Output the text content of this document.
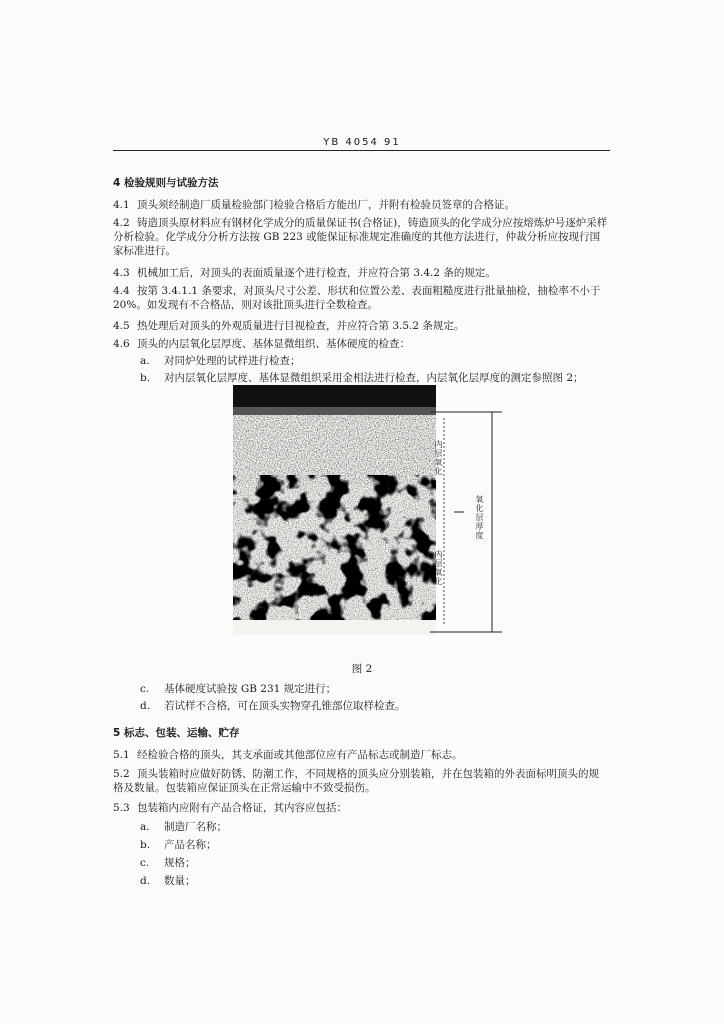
YB 4054 91
4 检验规则与试验方法
4.1 顶头须经制造厂质量检验部门检验合格后方能出厂，并附有检验员签章的合格证。
4.2 铸造顶头原材料应有钢材化学成分的质量保证书(合格证)，铸造顶头的化学成分应按熔炼炉号逐炉采样分析检验。化学成分分析方法按 GB 223 或能保证标准规定准确度的其他方法进行，仲裁分析应按现行国家标准进行。
4.3 机械加工后，对顶头的表面质量逐个进行检查，并应符合第 3.4.2 条的规定。
4.4 按第 3.4.1.1 条要求，对顶头尺寸公差、形状和位置公差、表面粗糙度进行批量抽检，抽检率不小于 20%。如发现有不合格品，则对该批顶头进行全数检查。
4.5 热处理后对顶头的外观质量进行目视检查，并应符合第 3.5.2 条规定。
4.6 顶头的内层氧化层厚度、基体显微组织、基体硬度的检查：
a. 对同炉处理的试样进行检查；
b. 对内层氧化层厚度、基体显微组织采用金相法进行检查，内层氧化层厚度的测定参照图 2；
内层氧化
内层氧化
氧化层厚度
图 2
c. 基体硬度试验按 GB 231 规定进行；
d. 若试样不合格，可在顶头实物穿孔锥部位取样检查。
5 标志、包装、运输、贮存
5.1 经检验合格的顶头，其支承面或其他部位应有产品标志或制造厂标志。
5.2 顶头装箱时应做好防锈、防潮工作，不同规格的顶头应分别装箱，并在包装箱的外表面标明顶头的规格及数量。包装箱应保证顶头在正常运输中不致受损伤。
5.3 包装箱内应附有产品合格证，其内容应包括：
a. 制造厂名称；
b. 产品名称；
c. 规格；
d. 数量；
